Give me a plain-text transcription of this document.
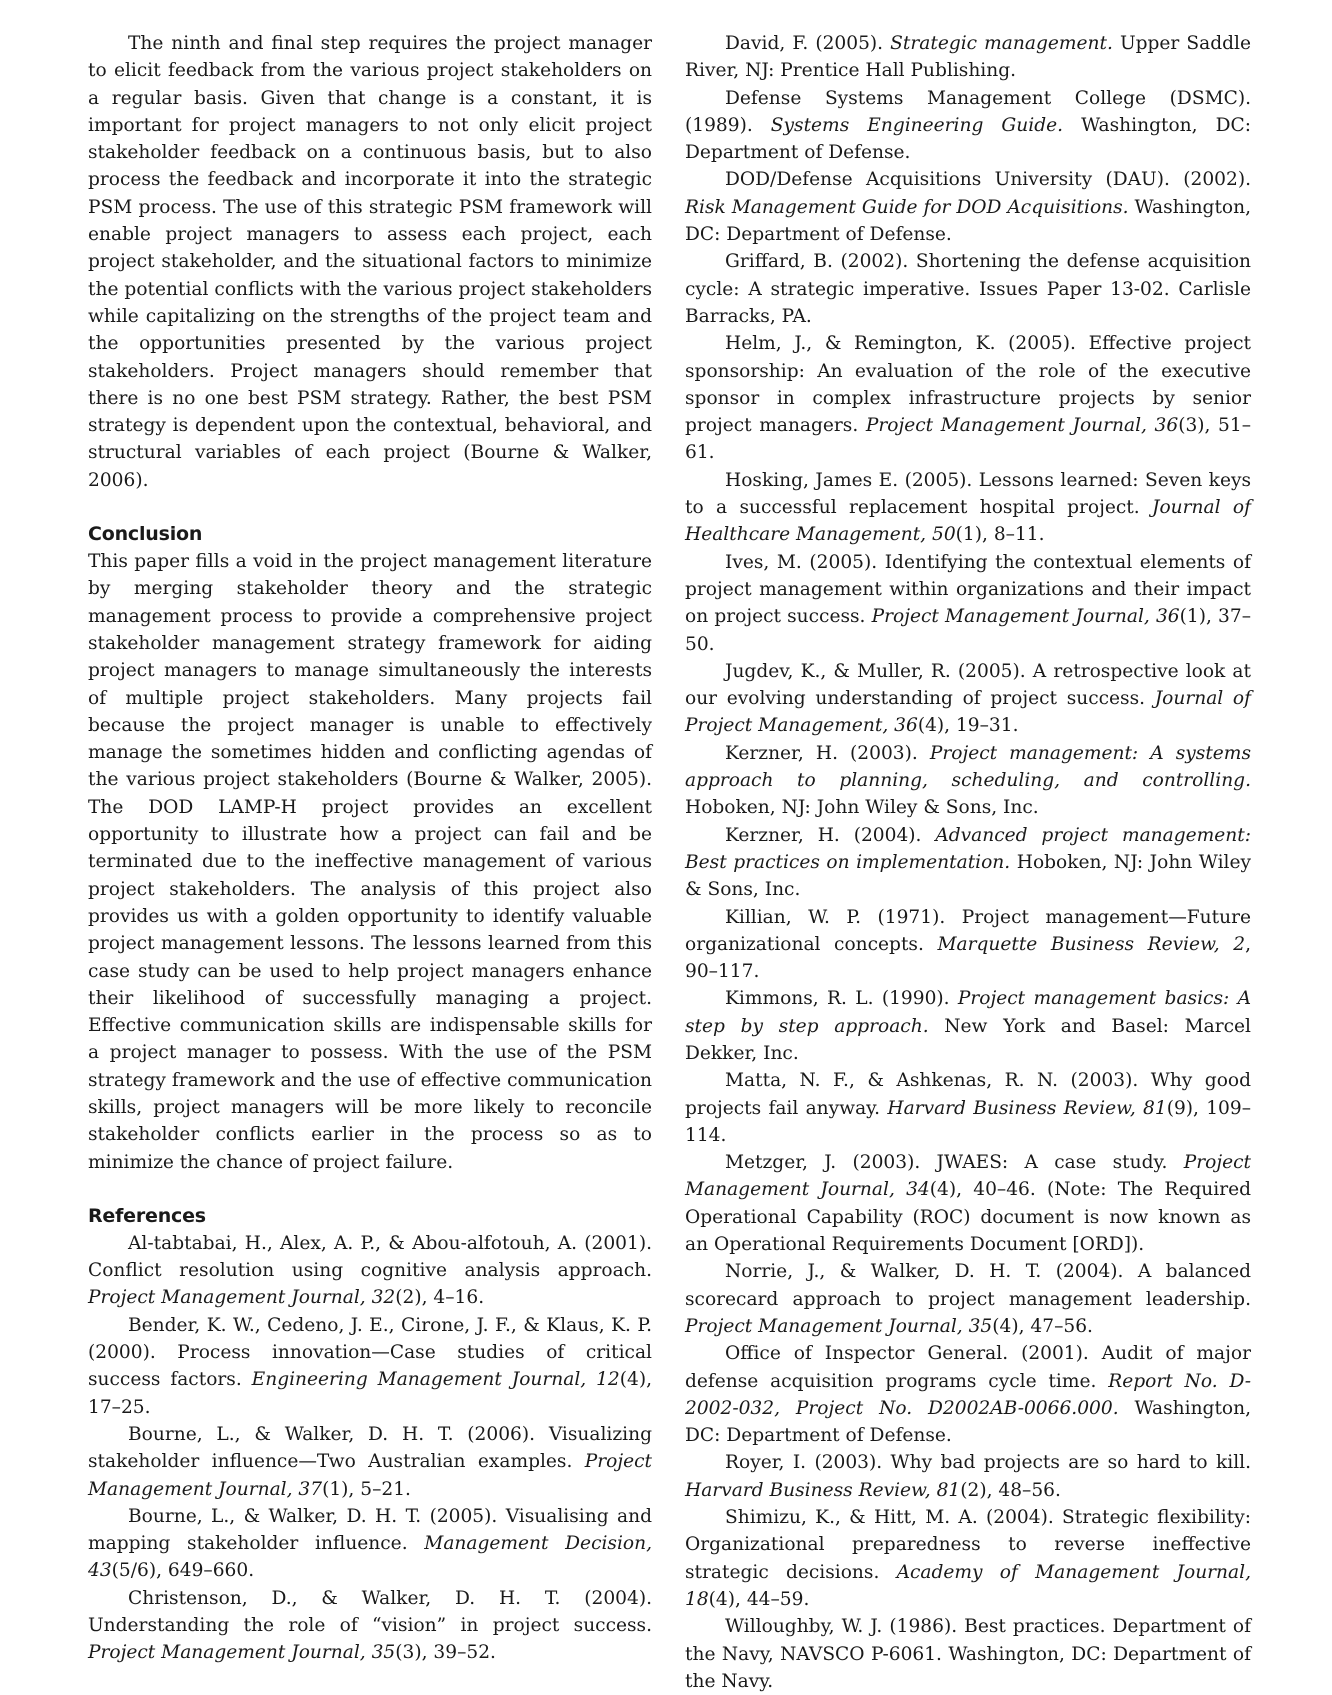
The ninth and final step requires the project manager to elicit feedback from the various project stakeholders on a regular basis. Given that change is a constant, it is important for project managers to not only elicit project stakeholder feedback on a continuous basis, but to also process the feedback and incorporate it into the strategic PSM process. The use of this strategic PSM framework will enable project managers to assess each project, each project stakeholder, and the situational factors to minimize the potential conflicts with the various project stakeholders while capitalizing on the strengths of the project team and the opportunities presented by the various project stakeholders. Project managers should remember that there is no one best PSM strategy. Rather, the best PSM strategy is dependent upon the contextual, behavioral, and structural variables of each project (Bourne & Walker, 2006).

Conclusion

This paper fills a void in the project management literature by merging stakeholder theory and the strategic management process to provide a comprehensive project stakeholder management strategy framework for aiding project managers to manage simultaneously the interests of multiple project stakeholders. Many projects fail because the project manager is unable to effectively manage the sometimes hidden and conflicting agendas of the various project stakeholders (Bourne & Walker, 2005). The DOD LAMP-H project provides an excellent opportunity to illustrate how a project can fail and be terminated due to the ineffective management of various project stakeholders. The analysis of this project also provides us with a golden opportunity to identify valuable project management lessons. The lessons learned from this case study can be used to help project managers enhance their likelihood of successfully managing a project. Effective communication skills are indispensable skills for a project manager to possess. With the use of the PSM strategy framework and the use of effective communication skills, project managers will be more likely to reconcile stakeholder conflicts earlier in the process so as to minimize the chance of project failure.

References

Al-tabtabai, H., Alex, A. P., & Abou-alfotouh, A. (2001). Conflict resolution using cognitive analysis approach. Project Management Journal, 32(2), 4–16.

Bender, K. W., Cedeno, J. E., Cirone, J. F., & Klaus, K. P. (2000). Process innovation—Case studies of critical success factors. Engineering Management Journal, 12(4), 17–25.

Bourne, L., & Walker, D. H. T. (2006). Visualizing stakeholder influence—Two Australian examples. Project Management Journal, 37(1), 5–21.

Bourne, L., & Walker, D. H. T. (2005). Visualising and mapping stakeholder influence. Management Decision, 43(5/6), 649–660.

Christenson, D., & Walker, D. H. T. (2004). Understanding the role of “vision” in project success. Project Management Journal, 35(3), 39–52.

David, F. (2005). Strategic management. Upper Saddle River, NJ: Prentice Hall Publishing.

Defense Systems Management College (DSMC). (1989). Systems Engineering Guide. Washington, DC: Department of Defense.

DOD/Defense Acquisitions University (DAU). (2002). Risk Management Guide for DOD Acquisitions. Washington, DC: Department of Defense.

Griffard, B. (2002). Shortening the defense acquisition cycle: A strategic imperative. Issues Paper 13-02. Carlisle Barracks, PA.

Helm, J., & Remington, K. (2005). Effective project sponsorship: An evaluation of the role of the executive sponsor in complex infrastructure projects by senior project managers. Project Management Journal, 36(3), 51–61.

Hosking, James E. (2005). Lessons learned: Seven keys to a successful replacement hospital project. Journal of Healthcare Management, 50(1), 8–11.

Ives, M. (2005). Identifying the contextual elements of project management within organizations and their impact on project success. Project Management Journal, 36(1), 37–50.

Jugdev, K., & Muller, R. (2005). A retrospective look at our evolving understanding of project success. Journal of Project Management, 36(4), 19–31.

Kerzner, H. (2003). Project management: A systems approach to planning, scheduling, and controlling. Hoboken, NJ: John Wiley & Sons, Inc.

Kerzner, H. (2004). Advanced project management: Best practices on implementation. Hoboken, NJ: John Wiley & Sons, Inc.

Killian, W. P. (1971). Project management—Future organizational concepts. Marquette Business Review, 2, 90–117.

Kimmons, R. L. (1990). Project management basics: A step by step approach. New York and Basel: Marcel Dekker, Inc.

Matta, N. F., & Ashkenas, R. N. (2003). Why good projects fail anyway. Harvard Business Review, 81(9), 109–114.

Metzger, J. (2003). JWAES: A case study. Project Management Journal, 34(4), 40–46. (Note: The Required Operational Capability (ROC) document is now known as an Operational Requirements Document [ORD]).

Norrie, J., & Walker, D. H. T. (2004). A balanced scorecard approach to project management leadership. Project Management Journal, 35(4), 47–56.

Office of Inspector General. (2001). Audit of major defense acquisition programs cycle time. Report No. D-2002-032, Project No. D2002AB-0066.000. Washington, DC: Department of Defense.

Royer, I. (2003). Why bad projects are so hard to kill. Harvard Business Review, 81(2), 48–56.

Shimizu, K., & Hitt, M. A. (2004). Strategic flexibility: Organizational preparedness to reverse ineffective strategic decisions. Academy of Management Journal, 18(4), 44–59.

Willoughby, W. J. (1986). Best practices. Department of the Navy, NAVSCO P-6061. Washington, DC: Department of the Navy.
